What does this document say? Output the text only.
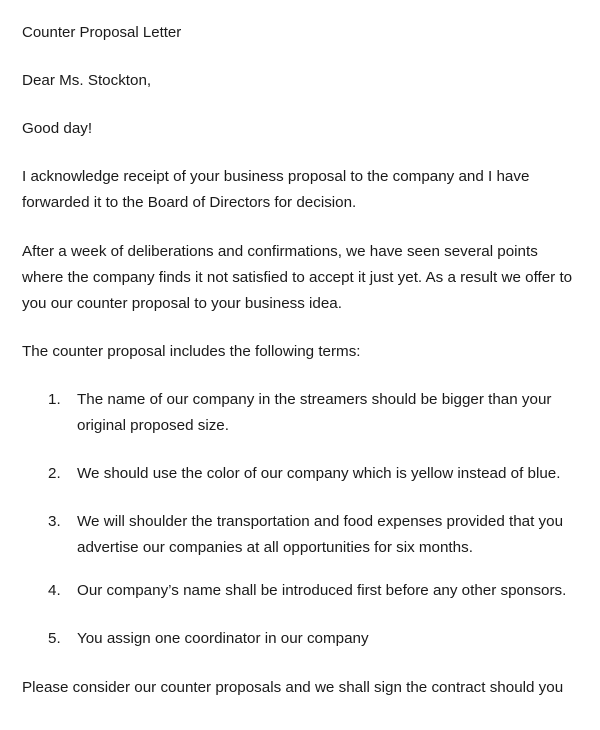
Counter Proposal Letter

Dear Ms. Stockton,

Good day!

I acknowledge receipt of your business proposal to the company and I have
forwarded it to the Board of Directors for decision.

After a week of deliberations and confirmations, we have seen several points
where the company finds it not satisfied to accept it just yet. As a result we offer to
you our counter proposal to your business idea.

The counter proposal includes the following terms:

1. The name of our company in the streamers should be bigger than your
original proposed size.
2. We should use the color of our company which is yellow instead of blue.
3. We will shoulder the transportation and food expenses provided that you
advertise our companies at all opportunities for six months.
4. Our company’s name shall be introduced first before any other sponsors.
5. You assign one coordinator in our company

Please consider our counter proposals and we shall sign the contract should you
